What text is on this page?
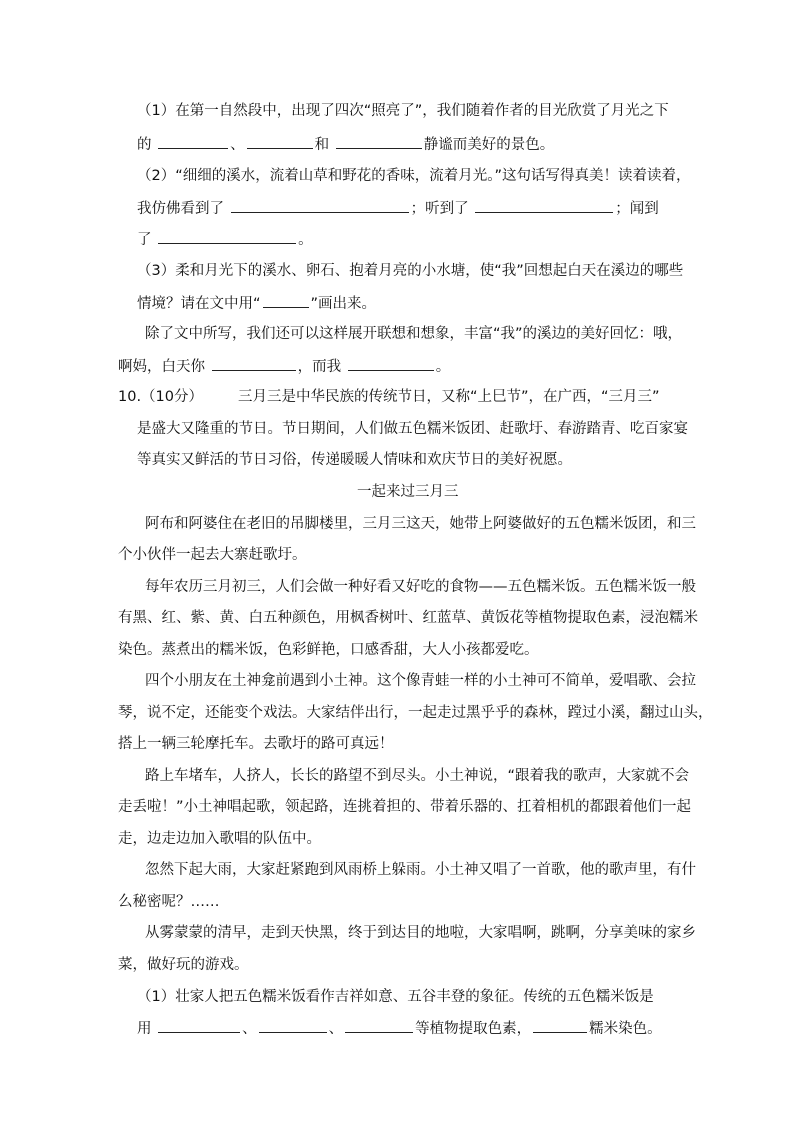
（1）在第一自然段中，出现了四次“照亮了”，我们随着作者的目光欣赏了月光之下
的	、	和	静谧而美好的景色。
（2）“细细的溪水，流着山草和野花的香味，流着月光。”这句话写得真美！读着读着，
我仿佛看到了	；听到了	；闻到
了	。
（3）柔和月光下的溪水、卵石、抱着月亮的小水塘，使“我”回想起白天在溪边的哪些
情境？请在文中用“	”画出来。
除了文中所写，我们还可以这样展开联想和想象，丰富“我”的溪边的美好回忆：哦，
啊妈，白天你	，而我	。
10.（10分） 三月三是中华民族的传统节日，又称“上巳节”，在广西，“三月三”
是盛大又隆重的节日。节日期间，人们做五色糯米饭团、赶歌圩、春游踏青、吃百家宴
等真实又鲜活的节日习俗，传递暖暖人情味和欢庆节日的美好祝愿。
一起来过三月三
阿布和阿婆住在老旧的吊脚楼里，三月三这天，她带上阿婆做好的五色糯米饭团，和三
个小伙伴一起去大寨赶歌圩。
每年农历三月初三，人们会做一种好看又好吃的食物——五色糯米饭。五色糯米饭一般
有黑、红、紫、黄、白五种颜色，用枫香树叶、红蓝草、黄饭花等植物提取色素，浸泡糯米
染色。蒸煮出的糯米饭，色彩鲜艳，口感香甜，大人小孩都爱吃。
四个小朋友在土神龛前遇到小土神。这个像青蛙一样的小土神可不简单，爱唱歌、会拉
琴，说不定，还能变个戏法。大家结伴出行，一起走过黑乎乎的森林，蹚过小溪，翻过山头，
搭上一辆三轮摩托车。去歌圩的路可真远！
路上车堵车，人挤人，长长的路望不到尽头。小土神说，“跟着我的歌声，大家就不会
走丢啦！”小土神唱起歌，领起路，连挑着担的、带着乐器的、扛着相机的都跟着他们一起
走，边走边加入歌唱的队伍中。
忽然下起大雨，大家赶紧跑到风雨桥上躲雨。小土神又唱了一首歌，他的歌声里，有什
么秘密呢？……
从雾蒙蒙的清早，走到天快黑，终于到达目的地啦，大家唱啊，跳啊，分享美味的家乡
菜，做好玩的游戏。
（1）壮家人把五色糯米饭看作吉祥如意、五谷丰登的象征。传统的五色糯米饭是
用	、	、	等植物提取色素，	糯米染色。
